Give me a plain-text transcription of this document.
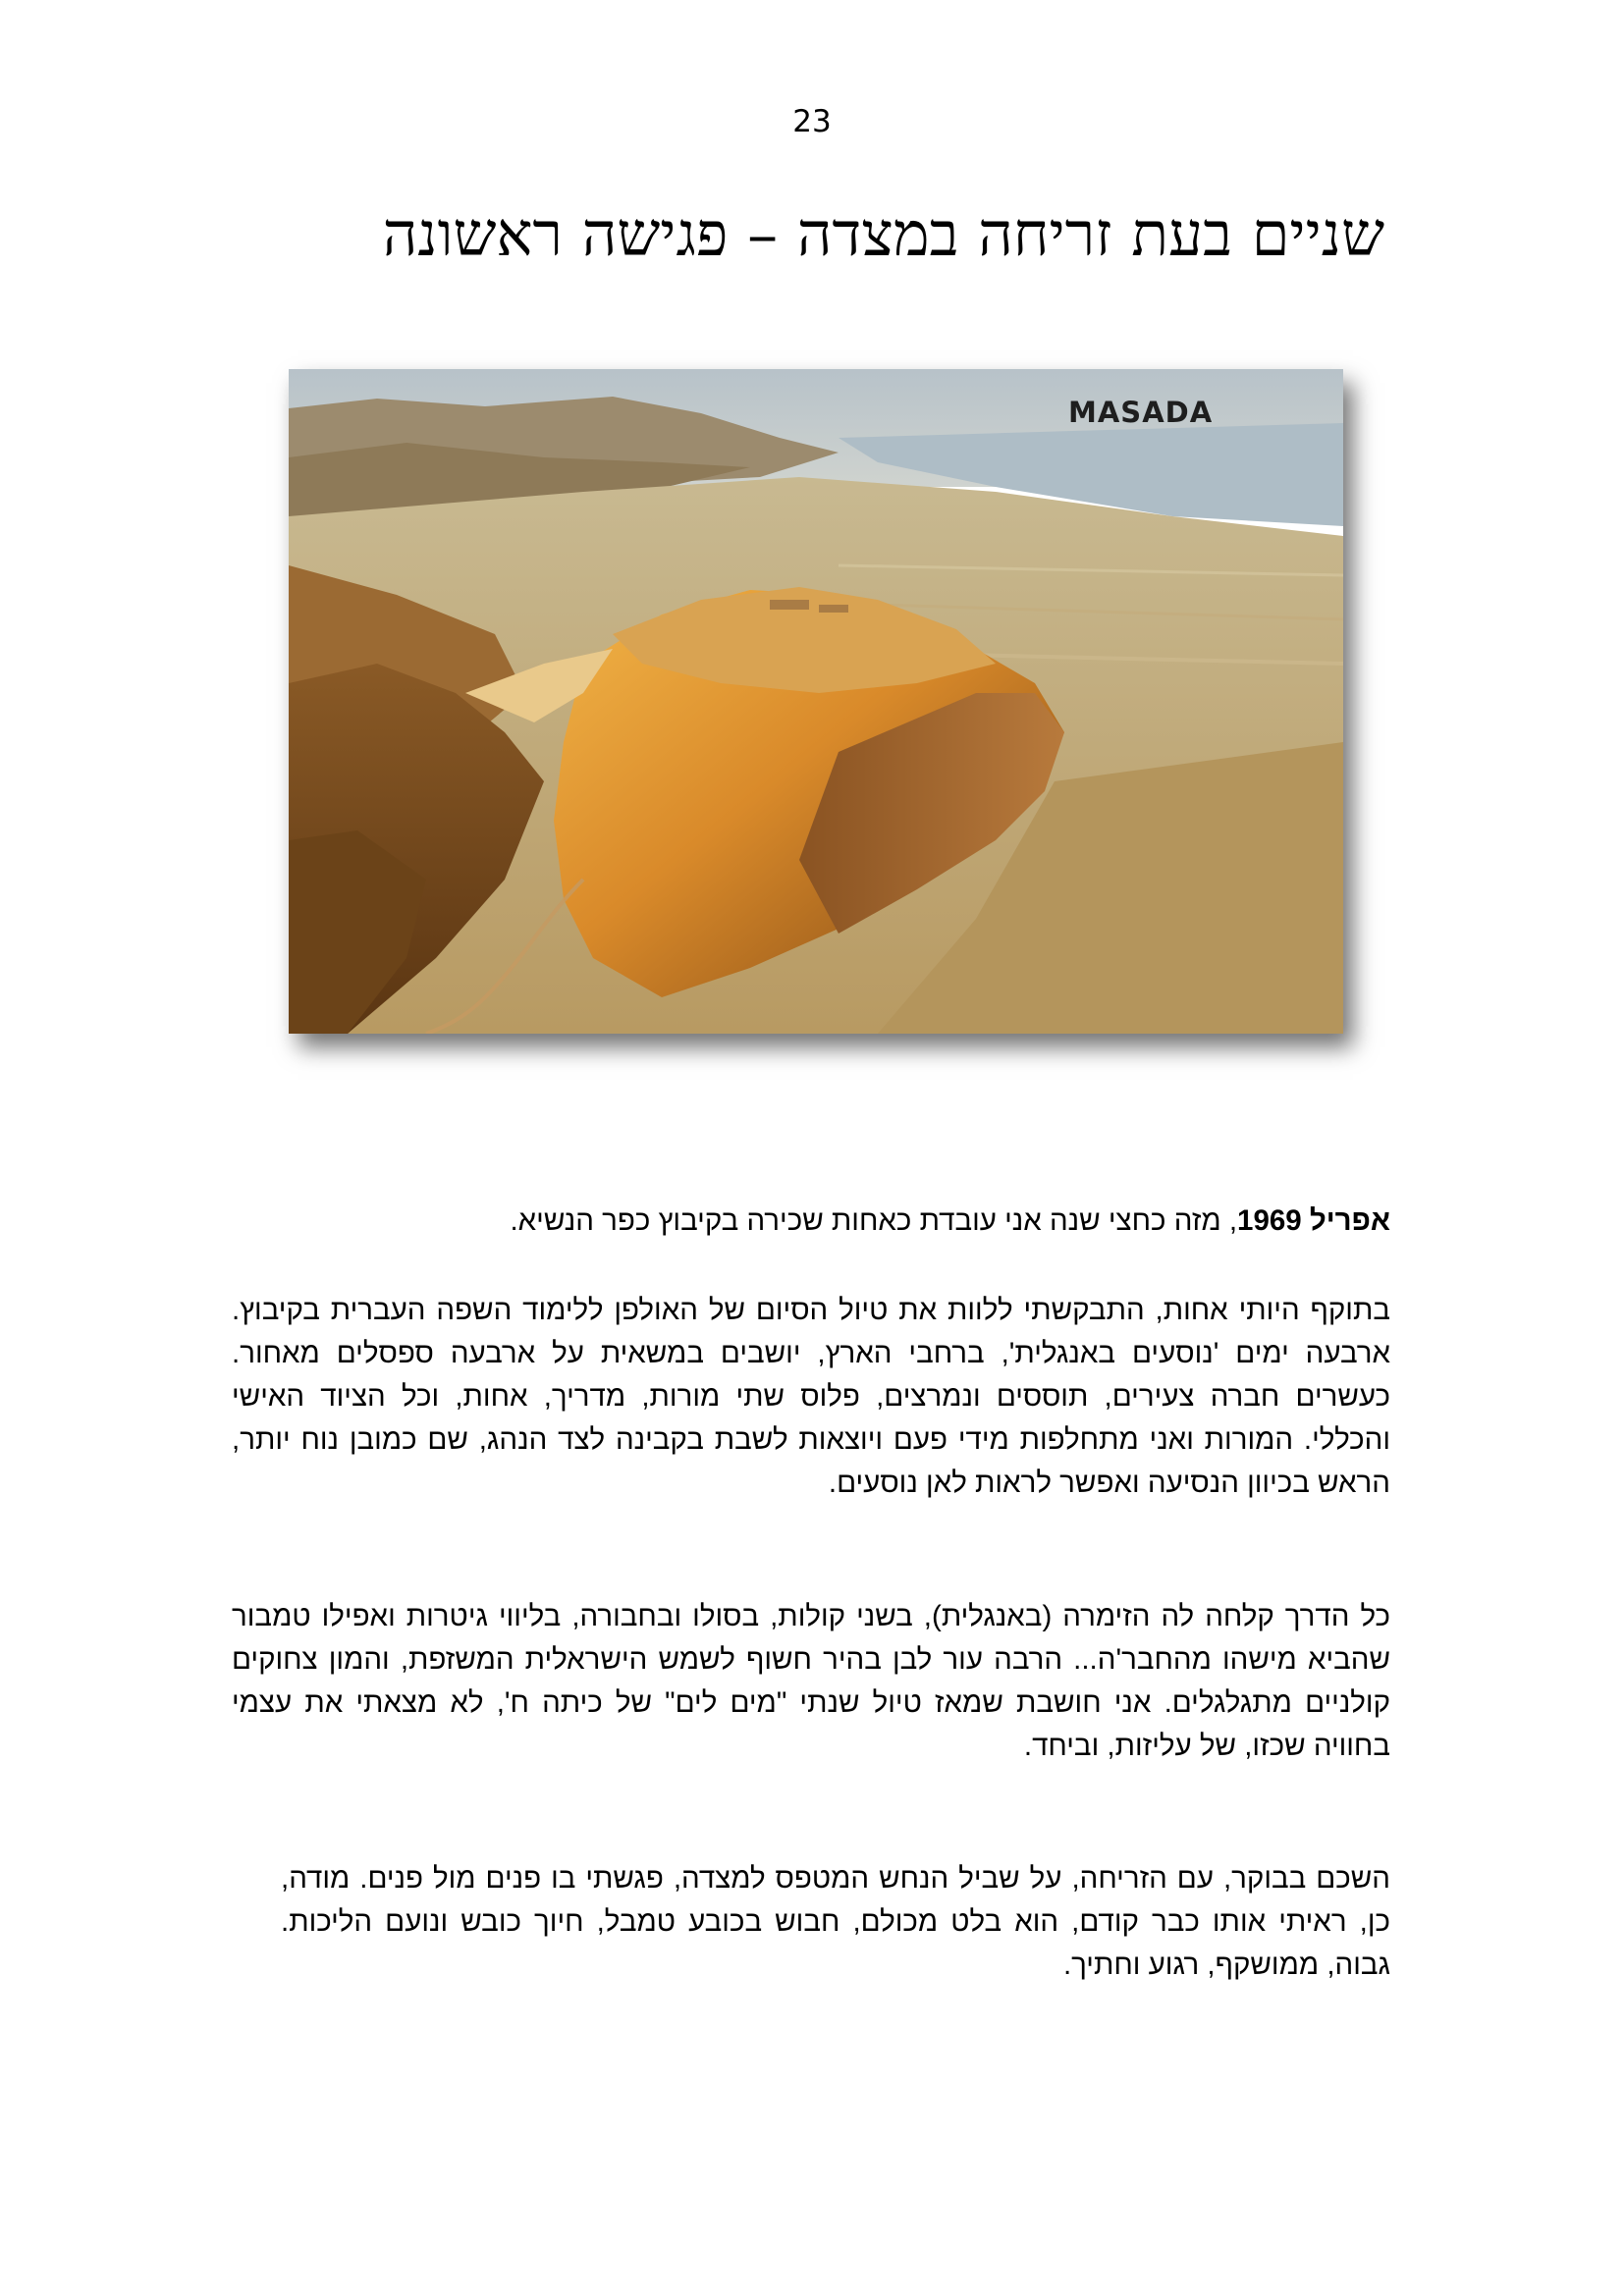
23
שניים בעת זריחה במצדה – פגישה ראשונה
MASADA

אפריל 1969, מזה כחצי שנה אני עובדת כאחות שכירה בקיבוץ כפר הנשיא.

בתוקף היותי אחות, התבקשתי ללוות את טיול הסיום של האולפן ללימוד השפה העברית בקיבוץ. ארבעה ימים 'נוסעים באנגלית', ברחבי הארץ, יושבים במשאית על ארבעה ספסלים מאחור. כעשרים חברה צעירים, תוססים ונמרצים, פלוס שתי מורות, מדריך, אחות, וכל הציוד האישי והכללי. המורות ואני מתחלפות מידי פעם ויוצאות לשבת בקבינה לצד הנהג, שם כמובן נוח יותר, הראש בכיוון הנסיעה ואפשר לראות לאן נוסעים.

כל הדרך קלחה לה הזימרה (באנגלית), בשני קולות, בסולו ובחבורה, בליווי גיטרות ואפילו טמבור שהביא מישהו מהחבר'ה... הרבה עור לבן בהיר חשוף לשמש הישראלית המשזפת, והמון צחוקים קולניים מתגלגלים. אני חושבת שמאז טיול שנתי "מים לים" של כיתה ח', לא מצאתי את עצמי בחוויה שכזו, של עליזות, וביחד.

השכם בבוקר, עם הזריחה, על שביל הנחש המטפס למצדה, פגשתי בו פנים מול פנים. מודה, כן, ראיתי אותו כבר קודם, הוא בלט מכולם, חבוש בכובע טמבל, חיוך כובש ונועם הליכות. גבוה, ממושקף, רגוע וחתיך.
